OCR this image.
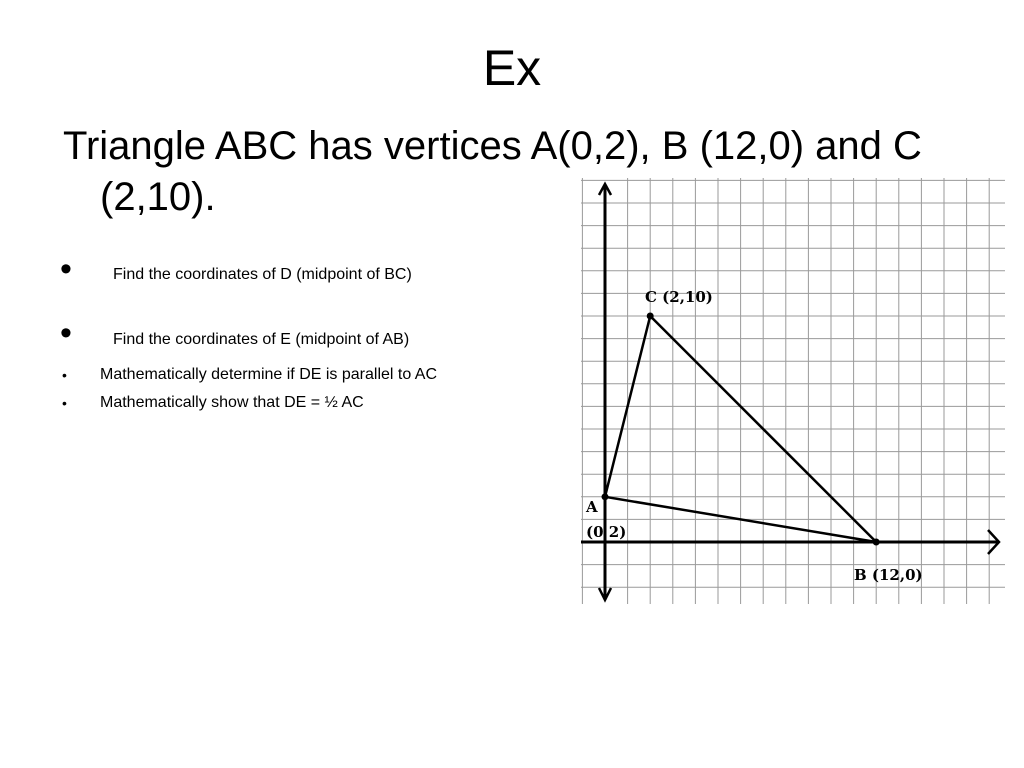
Ex
Triangle ABC has vertices A(0,2), B (12,0) and C (2,10).
•	Find the coordinates of D (midpoint of BC)
•	Find the coordinates of E (midpoint of AB)
• Mathematically determine if DE is parallel to AC
• Mathematically show that DE = ½ AC
C (2,10)
A
(0 2)
B (12,0)
